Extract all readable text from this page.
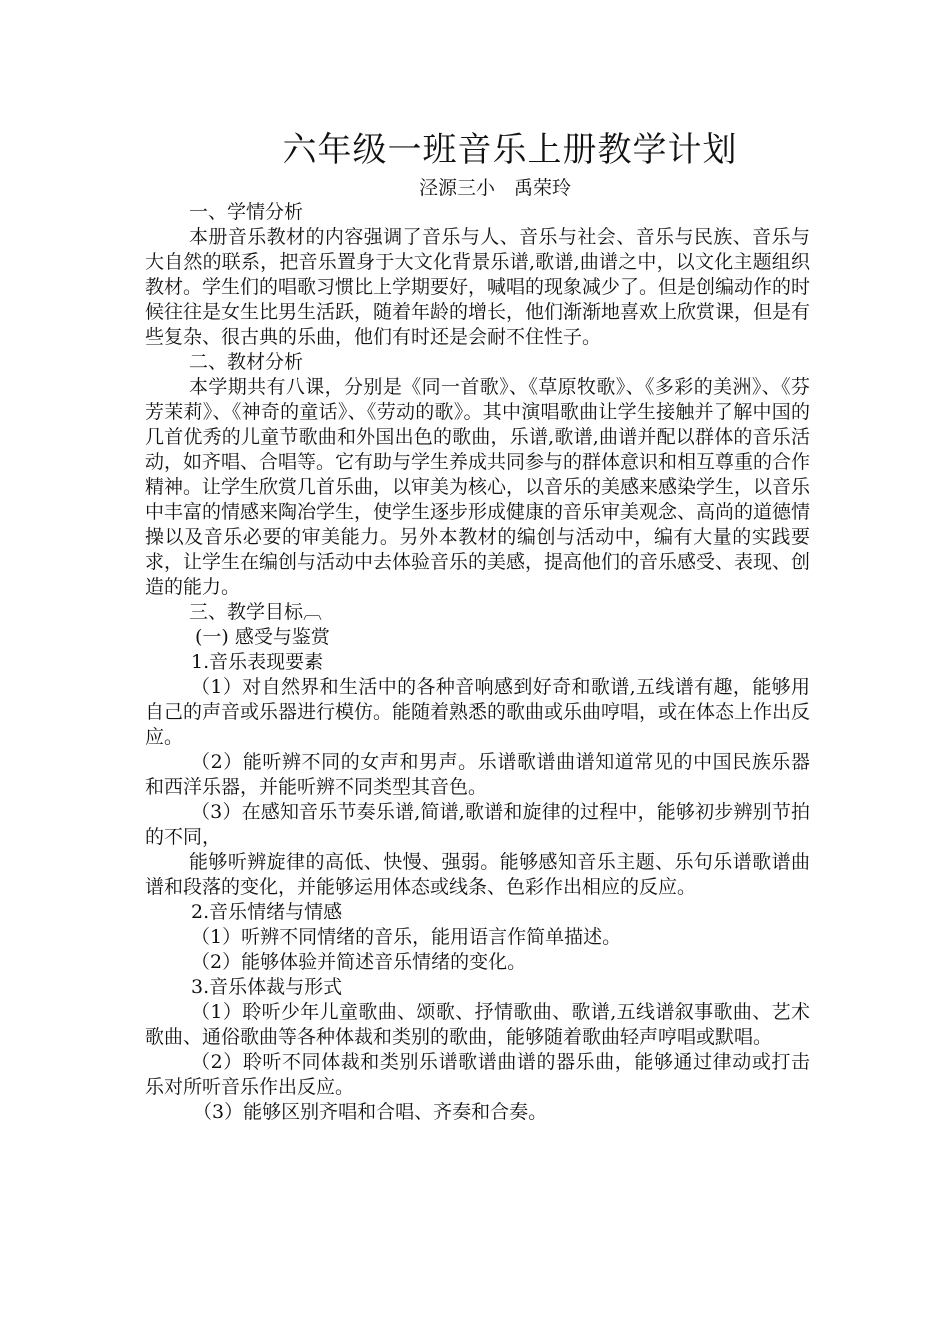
六年级一班音乐上册教学计划
泾源三小　禹荣玲

一、学情分析

本册音乐教材的内容强调了音乐与人、音乐与社会、音乐与民族、音乐与大自然的联系，把音乐置身于大文化背景乐谱,歌谱,曲谱之中，以文化主题组织教材。学生们的唱歌习惯比上学期要好，喊唱的现象减少了。但是创编动作的时候往往是女生比男生活跃，随着年龄的增长，他们渐渐地喜欢上欣赏课，但是有些复杂、很古典的乐曲，他们有时还是会耐不住性子。

二、教材分析

本学期共有八课，分别是《同一首歌》、《草原牧歌》、《多彩的美洲》、《芬芳茉莉》、《神奇的童话》、《劳动的歌》。其中演唱歌曲让学生接触并了解中国的几首优秀的儿童节歌曲和外国出色的歌曲，乐谱,歌谱,曲谱并配以群体的音乐活动，如齐唱、合唱等。它有助与学生养成共同参与的群体意识和相互尊重的合作精神。让学生欣赏几首乐曲，以审美为核心，以音乐的美感来感染学生，以音乐中丰富的情感来陶冶学生，使学生逐步形成健康的音乐审美观念、高尚的道德情操以及音乐必要的审美能力。另外本教材的编创与活动中，编有大量的实践要求，让学生在编创与活动中去体验音乐的美感，提高他们的音乐感受、表现、创造的能力。

三、教学目标︹

(一) 感受与鉴赏

1.音乐表现要素

（1）对自然界和生活中的各种音响感到好奇和歌谱,五线谱有趣，能够用自己的声音或乐器进行模仿。能随着熟悉的歌曲或乐曲哼唱，或在体态上作出反应。

（2）能听辨不同的女声和男声。乐谱歌谱曲谱知道常见的中国民族乐器和西洋乐器，并能听辨不同类型其音色。

（3）在感知音乐节奏乐谱,简谱,歌谱和旋律的过程中，能够初步辨别节拍的不同，

能够听辨旋律的高低、快慢、强弱。能够感知音乐主题、乐句乐谱歌谱曲谱和段落的变化，并能够运用体态或线条、色彩作出相应的反应。

2.音乐情绪与情感

（1）听辨不同情绪的音乐，能用语言作简单描述。

（2）能够体验并简述音乐情绪的变化。

3.音乐体裁与形式

（1）聆听少年儿童歌曲、颂歌、抒情歌曲、歌谱,五线谱叙事歌曲、艺术歌曲、通俗歌曲等各种体裁和类别的歌曲，能够随着歌曲轻声哼唱或默唱。

（2）聆听不同体裁和类别乐谱歌谱曲谱的器乐曲，能够通过律动或打击乐对所听音乐作出反应。

（3）能够区别齐唱和合唱、齐奏和合奏。
